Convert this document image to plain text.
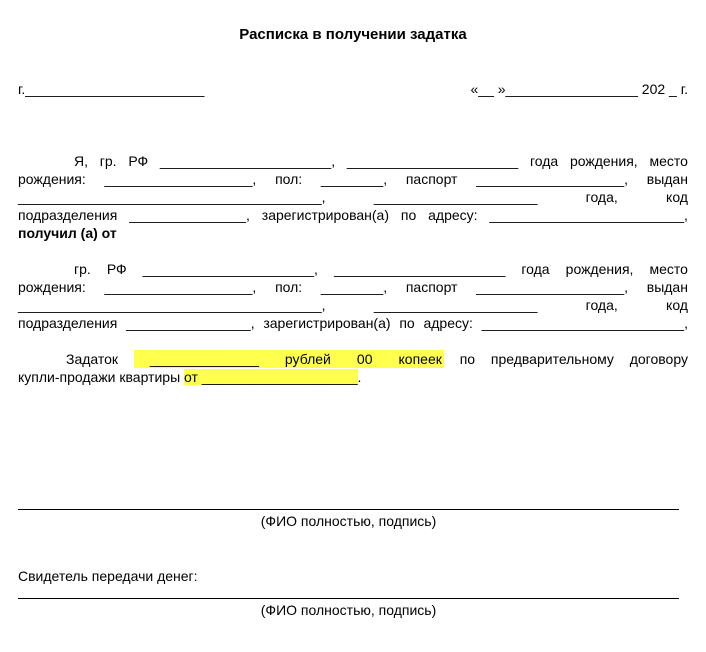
Расписка в получении задатка
г._______________________	«__ »_________________ 202 _ г.
Я, гр. РФ ______________________, ______________________ года рождения, место
рождения: ___________________, пол: ________, паспорт ___________________, выдан
_______________________________________,	_____________________	года,	код
подразделения _______________, зарегистрирован(а) по адресу: _________________________,
получил (а) от
гр. РФ ______________________, ______________________ года рождения, место
рождения: ___________________, пол: ________, паспорт ___________________, выдан
_______________________________________,	_____________________	года,	код
подразделения ________________, зарегистрирован(а) по адресу: __________________________,
Задаток ______________ рублей 00 копеек по предварительному договору
купли-продажи квартиры от ____________________.
(ФИО полностью, подпись)
Свидетель передачи денег:
(ФИО полностью, подпись)
